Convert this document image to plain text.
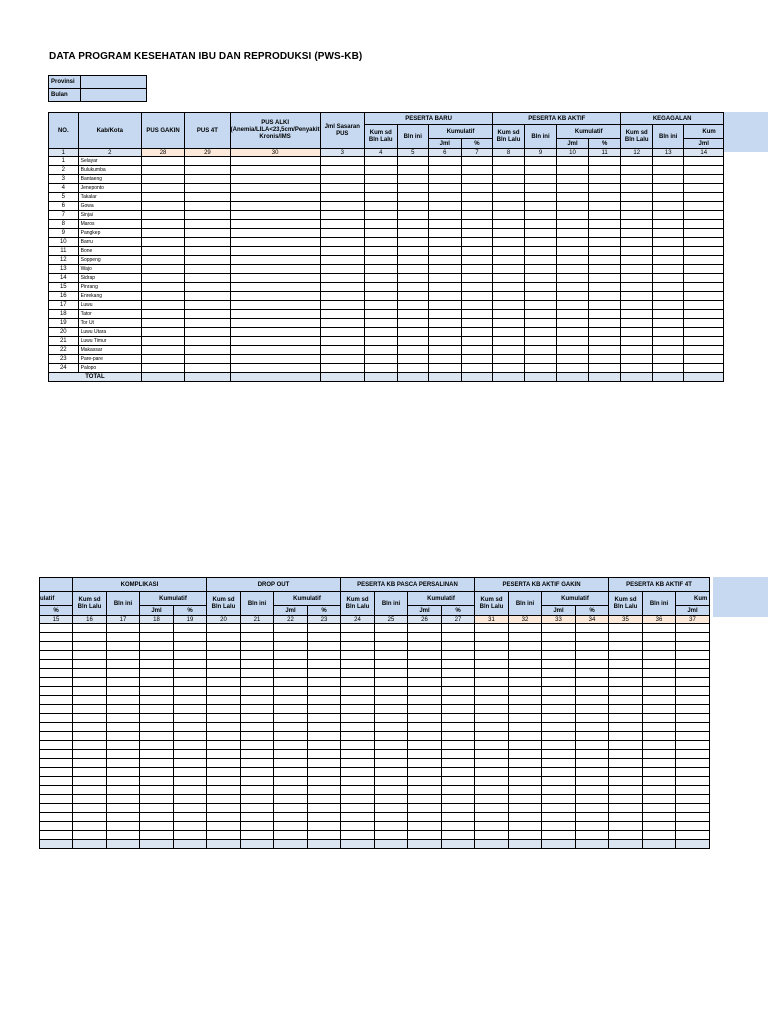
DATA PROGRAM KESEHATAN IBU DAN REPRODUKSI (PWS-KB)
Provinsi	
Bulan	
NO.	Kab/Kota	PUS GAKIN	PUS 4T	PUS ALKI (Anemia/LILA<23,5cm/Penyakit Kronis/IMS	Jml Sasaran PUS	PESERTA BARU				PESERTA KB AKTIF				KEGAGALAN		
						Kum sd Bln Lalu	Bln ini	Kumulatif		Kum sd Bln Lalu	Bln ini	Kumulatif		Kum sd Bln Lalu	Bln ini	Kum
								Jml	%			Jml	%			Jml
1	2	28	29	30	3	4	5	6	7	8	9	10	11	12	13	14
1	Selayar															
2	Bulukumba															
3	Bantaeng															
4	Jeneponto															
5	Takalar															
6	Gowa															
7	Sinjai															
8	Maros															
9	Pangkep															
10	Barru															
11	Bone															
12	Soppeng															
13	Wajo															
14	Sidrap															
15	Pinrang															
16	Enrekang															
17	Luwu															
18	Tator															
19	Tor Ut															
20	Luwu Utara															
21	Luwu Timur															
22	Makassar															
23	Pare-pare															
24	Palopo															
TOTAL																
	KOMPLIKASI				DROP OUT				PESERTA KB PASCA PERSALINAN				PESERTA KB AKTIF GAKIN				PESERTA KB AKTIF 4T		
ulatif	Kum sd Bln Lalu	Bln ini	Kumulatif		Kum sd Bln Lalu	Bln ini	Kumulatif		Kum sd Bln Lalu	Bln ini	Kumulatif		Kum sd Bln Lalu	Bln ini	Kumulatif		Kum sd Bln Lalu	Bln ini	Kum
%			Jml	%			Jml	%			Jml	%			Jml	%			Jml
15	16	17	18	19	20	21	22	23	24	25	26	27	31	32	33	34	35	36	37
